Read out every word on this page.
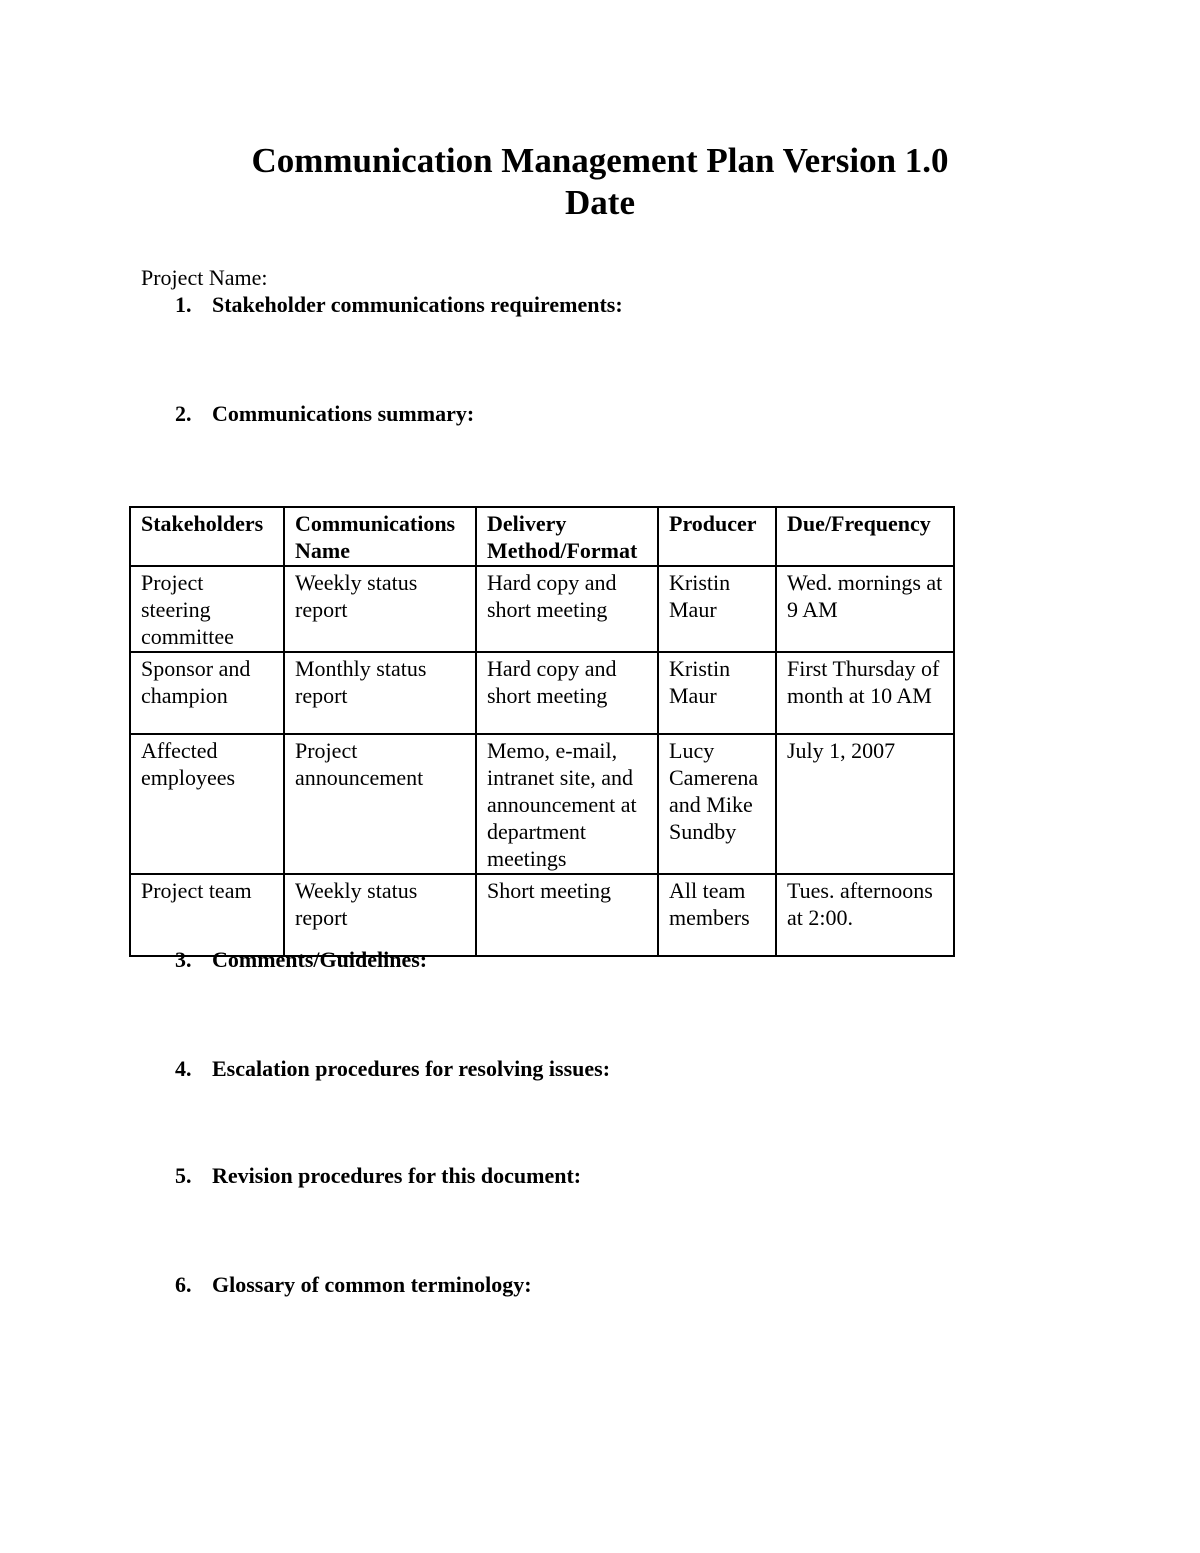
Communication Management Plan Version 1.0
Date
Project Name:
1. Stakeholder communications requirements:
2. Communications summary:
Stakeholders	Communications Name	Delivery Method/Format	Producer	Due/Frequency
Project steering committee	Weekly status report	Hard copy and short meeting	Kristin Maur	Wed. mornings at 9 AM
Sponsor and champion	Monthly status report	Hard copy and short meeting	Kristin Maur	First Thursday of month at 10 AM
Affected employees	Project announcement	Memo, e-mail, intranet site, and announcement at department meetings	Lucy Camerena and Mike Sundby	July 1, 2007
Project team	Weekly status report	Short meeting	All team members	Tues. afternoons at 2:00.
3. Comments/Guidelines:
4. Escalation procedures for resolving issues:
5. Revision procedures for this document:
6. Glossary of common terminology:
